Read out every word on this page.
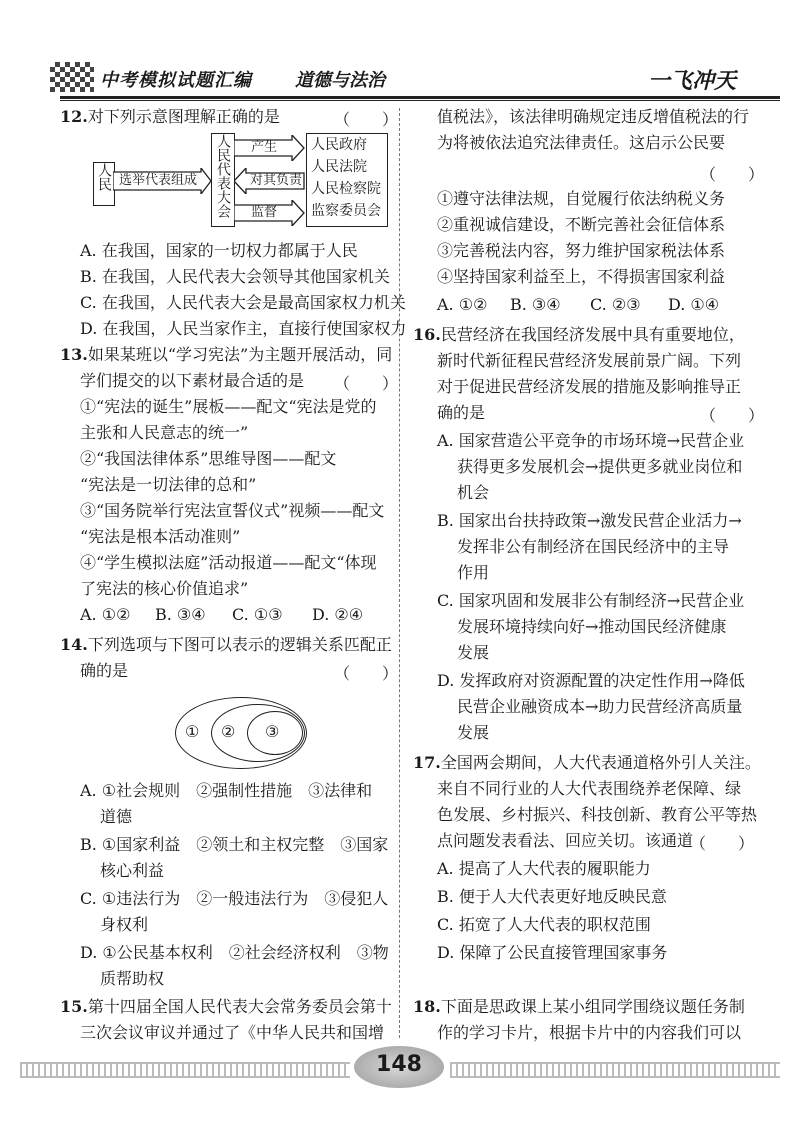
中考模拟试题汇编 道德与法治	一飞冲天
12.对下列示意图理解正确的是	（　　）
人民 选举代表组成	人民代表大会	产生
对其负责
监督
人民政府
人民法院
人民检察院
监察委员会
A. 在我国，国家的一切权力都属于人民
B. 在我国，人民代表大会领导其他国家机关
C. 在我国，人民代表大会是最高国家权力机关
D. 在我国，人民当家作主，直接行使国家权力
13.如果某班以“学习宪法”为主题开展活动，同
学们提交的以下素材最合适的是 （　　）
①“宪法的诞生”展板——配文“宪法是党的
主张和人民意志的统一”
②“我国法律体系”思维导图——配文
“宪法是一切法律的总和”
③“国务院举行宪法宣誓仪式”视频——配文
“宪法是根本活动准则”
④“学生模拟法庭”活动报道——配文“体现
了宪法的核心价值追求”
A. ①② B. ③④ C. ①③ D. ②④
14.下列选项与下图可以表示的逻辑关系匹配正
确的是	（　　）
① ② ③
A. ①社会规则　②强制性措施　③法律和
道德
B. ①国家利益　②领土和主权完整　③国家
核心利益
C. ①违法行为　②一般违法行为　③侵犯人
身权利
D. ①公民基本权利　②社会经济权利　③物
质帮助权
15.第十四届全国人民代表大会常务委员会第十
三次会议审议并通过了《中华人民共和国增
值税法》，该法律明确规定违反增值税法的行
为将被依法追究法律责任。这启示公民要
（　　）
①遵守法律法规，自觉履行依法纳税义务
②重视诚信建设，不断完善社会征信体系
③完善税法内容，努力维护国家税法体系
④坚持国家利益至上，不得损害国家利益
A. ①② B. ③④ C. ②③ D. ①④
16.民营经济在我国经济发展中具有重要地位，
新时代新征程民营经济发展前景广阔。下列
对于促进民营经济发展的措施及影响推导正
确的是	（　　）
A. 国家营造公平竞争的市场环境→民营企业
获得更多发展机会→提供更多就业岗位和
机会
B. 国家出台扶持政策→激发民营企业活力→
发挥非公有制经济在国民经济中的主导
作用
C. 国家巩固和发展非公有制经济→民营企业
发展环境持续向好→推动国民经济健康
发展
D. 发挥政府对资源配置的决定性作用→降低
民营企业融资成本→助力民营经济高质量
发展
17.全国两会期间，人大代表通道格外引人关注。
来自不同行业的人大代表围绕养老保障、绿
色发展、乡村振兴、科技创新、教育公平等热
点问题发表看法、回应关切。该通道
（　　）
A. 提高了人大代表的履职能力
B. 便于人大代表更好地反映民意
C. 拓宽了人大代表的职权范围
D. 保障了公民直接管理国家事务
18.下面是思政课上某小组同学围绕议题任务制
作的学习卡片，根据卡片中的内容我们可以
148
